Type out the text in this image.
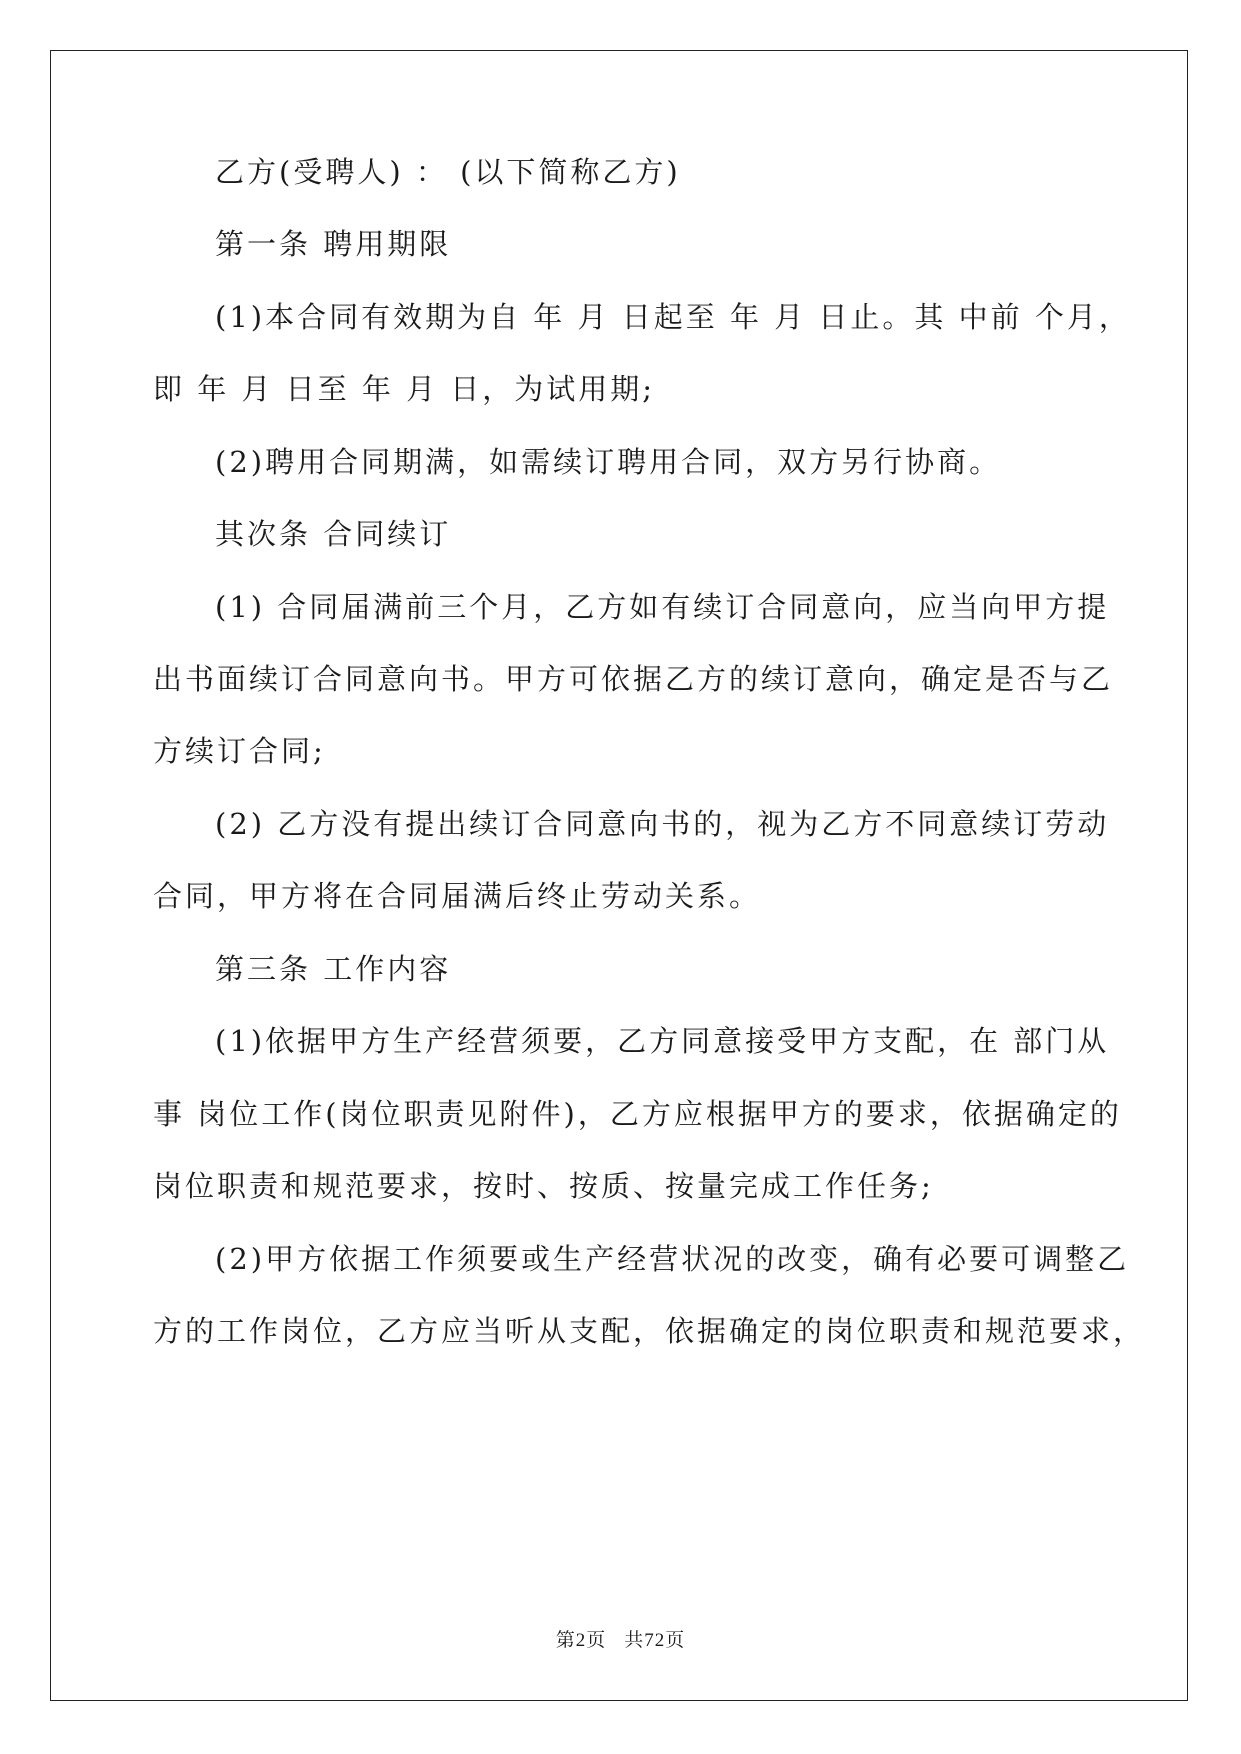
乙方(受聘人) ： (以下简称乙方)
第一条 聘用期限
(1)本合同有效期为自 年 月 日起至 年 月 日止。其 中前 个月，
即 年 月 日至 年 月 日，为试用期;
(2)聘用合同期满，如需续订聘用合同，双方另行协商。
其次条 合同续订
(1) 合同届满前三个月，乙方如有续订合同意向，应当向甲方提
出书面续订合同意向书。甲方可依据乙方的续订意向，确定是否与乙
方续订合同;
(2) 乙方没有提出续订合同意向书的，视为乙方不同意续订劳动
合同，甲方将在合同届满后终止劳动关系。
第三条 工作内容
(1)依据甲方生产经营须要，乙方同意接受甲方支配，在 部门从
事 岗位工作(岗位职责见附件)，乙方应根据甲方的要求，依据确定的
岗位职责和规范要求，按时、按质、按量完成工作任务;
(2)甲方依据工作须要或生产经营状况的改变，确有必要可调整乙
方的工作岗位，乙方应当听从支配，依据确定的岗位职责和规范要求，
第2页 共72页
